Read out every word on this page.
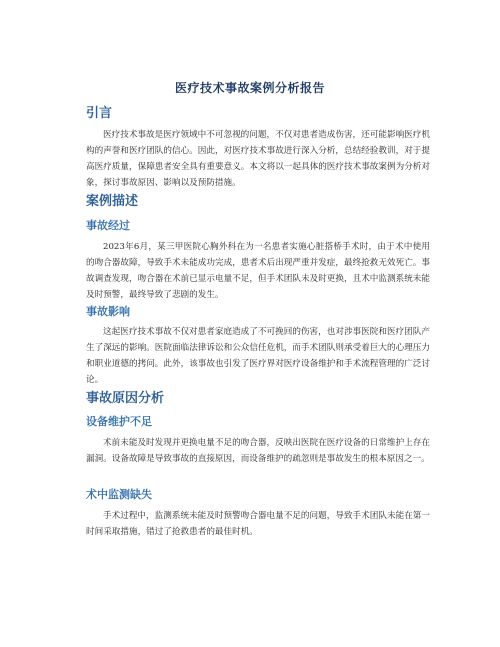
医疗技术事故案例分析报告
引言

医疗技术事故是医疗领域中不可忽视的问题，不仅对患者造成伤害，还可能影响医疗机构的声誉和医疗团队的信心。因此，对医疗技术事故进行深入分析，总结经验教训，对于提高医疗质量，保障患者安全具有重要意义。本文将以一起具体的医疗技术事故案例为分析对象，探讨事故原因、影响以及预防措施。

案例描述
事故经过

2023年6月，某三甲医院心胸外科在为一名患者实施心脏搭桥手术时，由于术中使用的吻合器故障，导致手术未能成功完成，患者术后出现严重并发症，最终抢救无效死亡。事故调查发现，吻合器在术前已显示电量不足，但手术团队未及时更换，且术中监测系统未能及时预警，最终导致了悲剧的发生。

事故影响

这起医疗技术事故不仅对患者家庭造成了不可挽回的伤害，也对涉事医院和医疗团队产生了深远的影响。医院面临法律诉讼和公众信任危机，而手术团队则承受着巨大的心理压力和职业道德的拷问。此外，该事故也引发了医疗界对医疗设备维护和手术流程管理的广泛讨论。

事故原因分析
设备维护不足

术前未能及时发现并更换电量不足的吻合器，反映出医院在医疗设备的日常维护上存在漏洞。设备故障是导致事故的直接原因，而设备维护的疏忽则是事故发生的根本原因之一。

术中监测缺失

手术过程中，监测系统未能及时预警吻合器电量不足的问题，导致手术团队未能在第一时间采取措施，错过了抢救患者的最佳时机。
